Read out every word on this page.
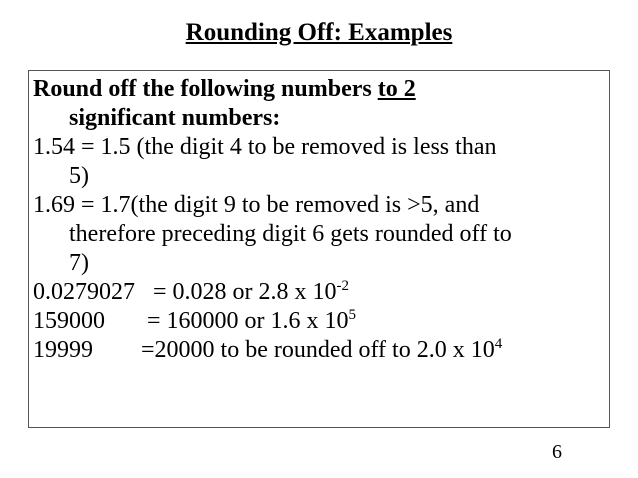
Rounding Off: Examples

Round off the following numbers to 2
significant numbers:

1.54 = 1.5 (the digit 4 to be removed is less than
5)

1.69 = 1.7(the digit 9 to be removed is >5, and
therefore preceding digit 6 gets rounded off to
7)

0.0279027 = 0.028 or 2.8 x $10^{-2}$

159000 = 160000 or 1.6 x $10^5$

19999 =20000 to be rounded off to 2.0 x $10^4$

6
